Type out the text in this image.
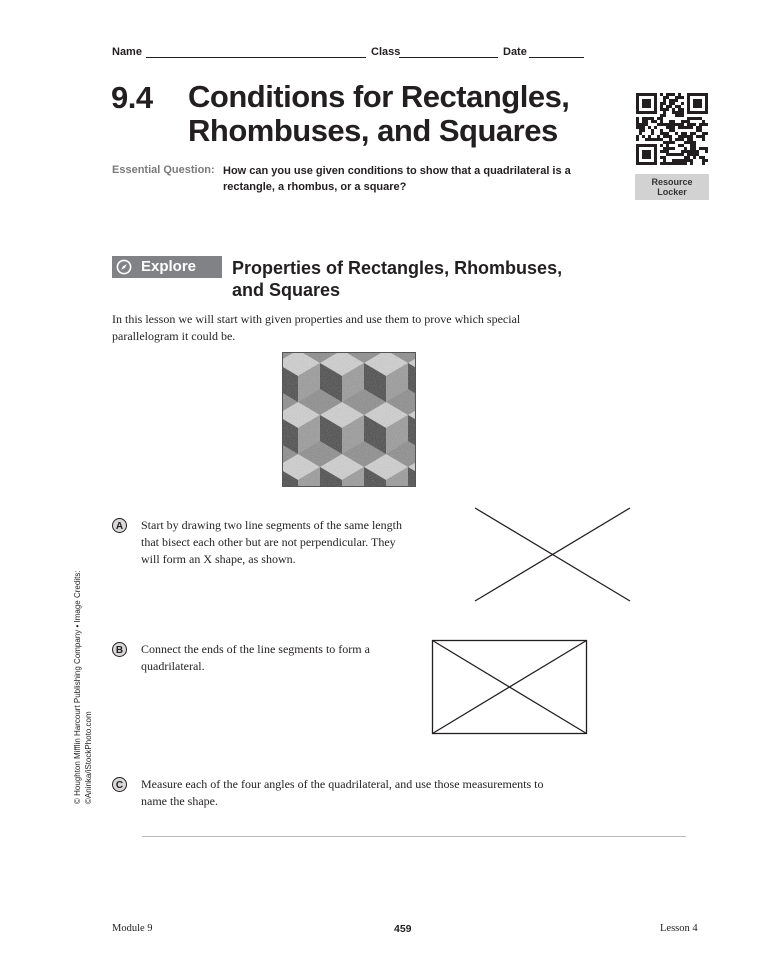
Name	Class	Date
9.4 Conditions for Rectangles,
Rhombuses, and Squares
Essential Question: How can you use given conditions to show that a quadrilateral is a
rectangle, a rhombus, or a square?	Resource
Locker
Explore Properties of Rectangles, Rhombuses,
and Squares
In this lesson we will start with given properties and use them to prove which special
parallelogram it could be.
A	Start by drawing two line segments of the same length
that bisect each other but are not perpendicular. They
will form an X shape, as shown.
B	Connect the ends of the line segments to form a
quadrilateral.
C	Measure each of the four angles of the quadrilateral, and use those measurements to
name the shape.
© Houghton Mifflin Harcourt Publishing Company • Image Credits: ©Aninka/iStockPhoto.com
Module 9	459	Lesson 4
